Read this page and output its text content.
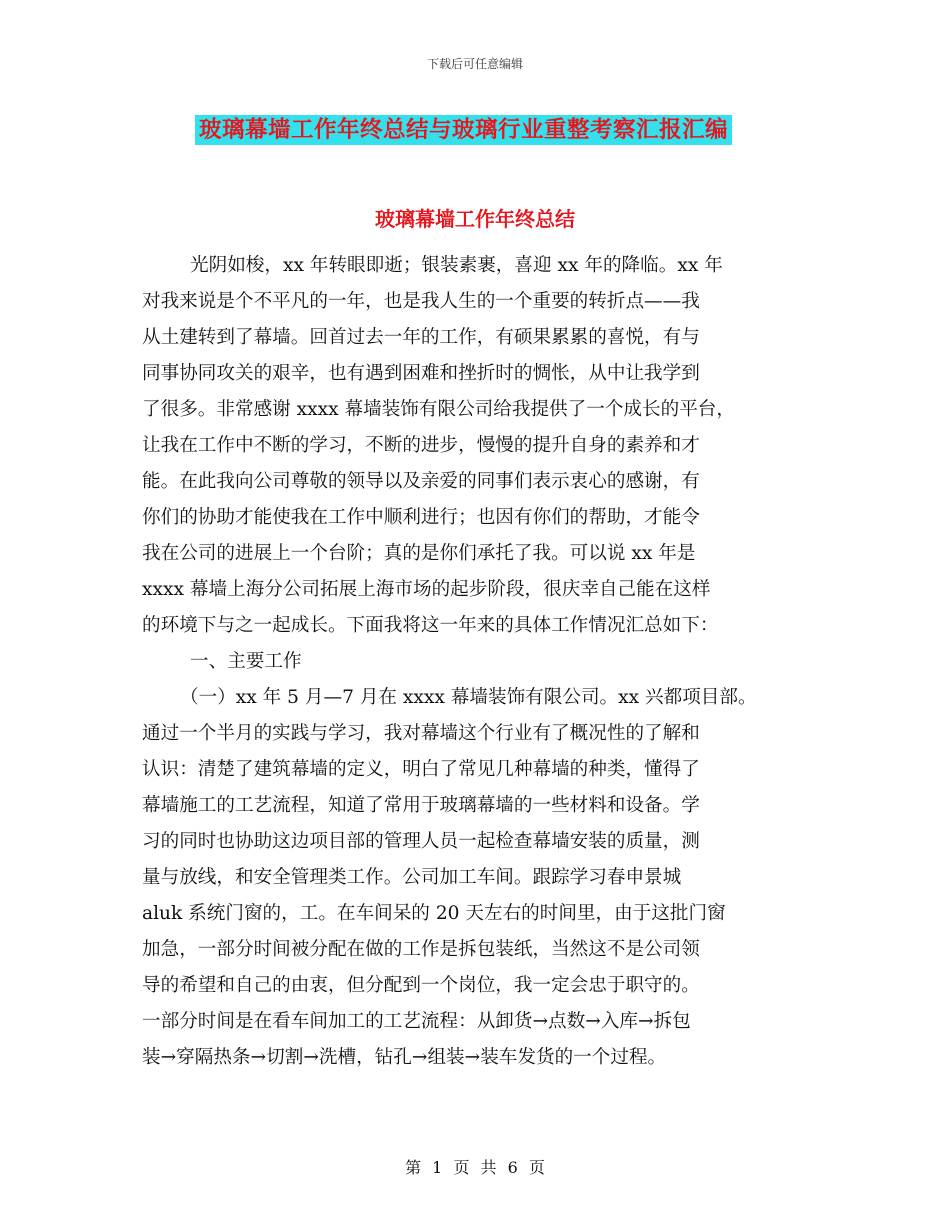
下载后可任意编辑
玻璃幕墙工作年终总结与玻璃行业重整考察汇报汇编
玻璃幕墙工作年终总结
光阴如梭，xx 年转眼即逝；银装素裹，喜迎 xx 年的降临。xx 年
对我来说是个不平凡的一年，也是我人生的一个重要的转折点——我
从土建转到了幕墙。回首过去一年的工作，有硕果累累的喜悦，有与
同事协同攻关的艰辛，也有遇到困难和挫折时的惆怅，从中让我学到
了很多。非常感谢 xxxx 幕墙装饰有限公司给我提供了一个成长的平台，
让我在工作中不断的学习，不断的进步，慢慢的提升自身的素养和才
能。在此我向公司尊敬的领导以及亲爱的同事们表示衷心的感谢，有
你们的协助才能使我在工作中顺利进行；也因有你们的帮助，才能令
我在公司的进展上一个台阶；真的是你们承托了我。可以说 xx 年是
xxxx 幕墙上海分公司拓展上海市场的起步阶段，很庆幸自己能在这样
的环境下与之一起成长。下面我将这一年来的具体工作情况汇总如下：
一、主要工作
（一）xx 年 5 月—7 月在 xxxx 幕墙装饰有限公司。xx 兴都项目部。
通过一个半月的实践与学习，我对幕墙这个行业有了概况性的了解和
认识：清楚了建筑幕墙的定义，明白了常见几种幕墙的种类，懂得了
幕墙施工的工艺流程，知道了常用于玻璃幕墙的一些材料和设备。学
习的同时也协助这边项目部的管理人员一起检查幕墙安装的质量，测
量与放线，和安全管理类工作。公司加工车间。跟踪学习春申景城
aluk 系统门窗的，工。在车间呆的 20 天左右的时间里，由于这批门窗
加急，一部分时间被分配在做的工作是拆包装纸，当然这不是公司领
导的希望和自己的由衷，但分配到一个岗位，我一定会忠于职守的。
一部分时间是在看车间加工的工艺流程：从卸货→点数→入库→拆包
装→穿隔热条→切割→洗槽，钻孔→组装→装车发货的一个过程。
第 1 页 共 6 页
